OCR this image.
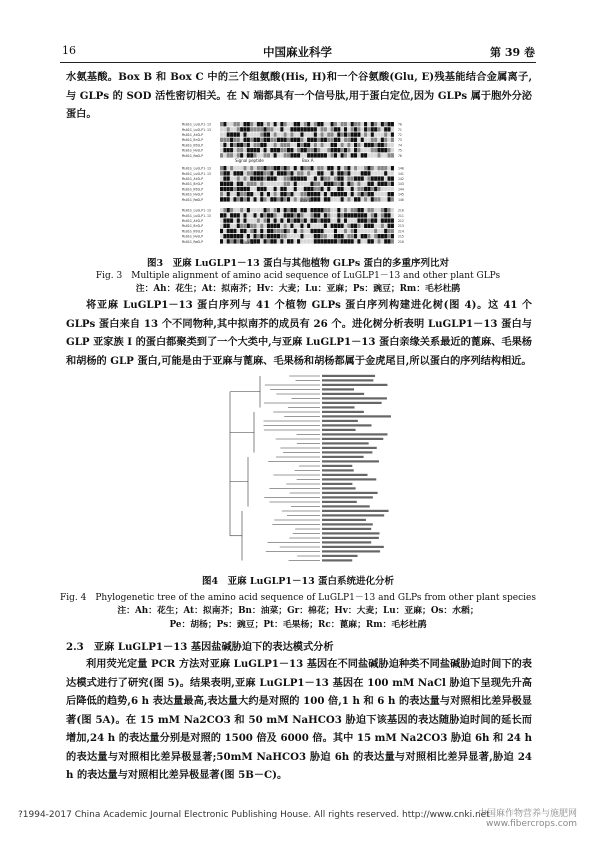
16	中国麻业科学	第 39 卷
水氨基酸。Box B 和 Box C 中的三个组氨酸(His, H)和一个谷氨酸(Glu, E)残基能结合金属离子,与 GLPs 的 SOD 活性密切相关。在 N 端都具有一个信号肽,用于蛋白定位,因为 GLPs 属于胞外分泌蛋白。
Ms01G_LuGLP1-13	70
Ms01G_LuGLP1-13	71
Ms01G_AtGLP	72
Ms01G_BrGLP	73
Ms01G_NtGLP	74
Ms01G_HvGLP	75
Ms01G_RmGLP	76
Ms01G_LuGLP1-13	140
Ms01G_LuGLP1-13	141
Ms01G_AtGLP	142
Ms01G_BrGLP	143
Ms01G_NtGLP	144
Ms01G_HvGLP	145
Ms01G_RmGLP	146
Ms01G_LuGLP1-13	210
Ms01G_LuGLP1-13	211
Ms01G_AtGLP	212
Ms01G_BrGLP	213
Ms01G_NtGLP	214
Ms01G_HvGLP	215
Ms01G_RmGLP	216
Signal peptide	Box A
Box B
Box C
图3　亚麻 LuGLP1－13 蛋白与其他植物 GLPs 蛋白的多重序列比对
Fig. 3　Multiple alignment of amino acid sequence of LuGLP1－13 and other plant GLPs
注：Ah：花生；At：拟南芥；Hv：大麦；Lu：亚麻；Ps：豌豆；Rm：毛杉杜鹃
将亚麻 LuGLP1－13 蛋白序列与 41 个植物 GLPs 蛋白序列构建进化树(图 4)。这 41 个 GLPs 蛋白来自 13 个不同物种,其中拟南芥的成员有 26 个。进化树分析表明 LuGLP1－13 蛋白与 GLP 亚家族 I 的蛋白都聚类到了一个大类中,与亚麻 LuGLP1－13 蛋白亲缘关系最近的蓖麻、毛果杨和胡杨的 GLP 蛋白,可能是由于亚麻与蓖麻、毛果杨和胡杨都属于金虎尾目,所以蛋白的序列结构相近。
图4　亚麻 LuGLP1－13 蛋白系统进化分析
Fig. 4　Phylogenetic tree of the amino acid sequence of LuGLP1－13 and GLPs from other plant species
注：Ah：花生；At：拟南芥；Bn：油菜；Gr：棉花；Hv：大麦；Lu：亚麻；Os：水稻；
Pe：胡杨；Ps：豌豆；Pt：毛果杨；Rc：蓖麻；Rm：毛杉杜鹃
2.3　亚麻 LuGLP1－13 基因盐碱胁迫下的表达模式分析
利用荧光定量 PCR 方法对亚麻 LuGLP1－13 基因在不同盐碱胁迫种类不同盐碱胁迫时间下的表达模式进行了研究(图 5)。结果表明,亚麻 LuGLP1－13 基因在 100 mM NaCl 胁迫下呈现先升高后降低的趋势,6 h 表达量最高,表达量大约是对照的 100 倍,1 h 和 6 h 的表达量与对照相比差异极显著(图 5A)。在 15 mM Na2CO3 和 50 mM NaHCO3 胁迫下该基因的表达随胁迫时间的延长而增加,24 h 的表达量分别是对照的 1500 倍及 6000 倍。其中 15 mM Na2CO3 胁迫 6h 和 24 h 的表达量与对照相比差异极显著;50mM NaHCO3 胁迫 6h 的表达量与对照相比差异显著,胁迫 24 h 的表达量与对照相比差异极显著(图 5B－C)。
?1994-2017 China Academic Journal Electronic Publishing House. All rights reserved. http://www.cnki.net
中国麻作物营养与施肥网
www.fibercrops.com
